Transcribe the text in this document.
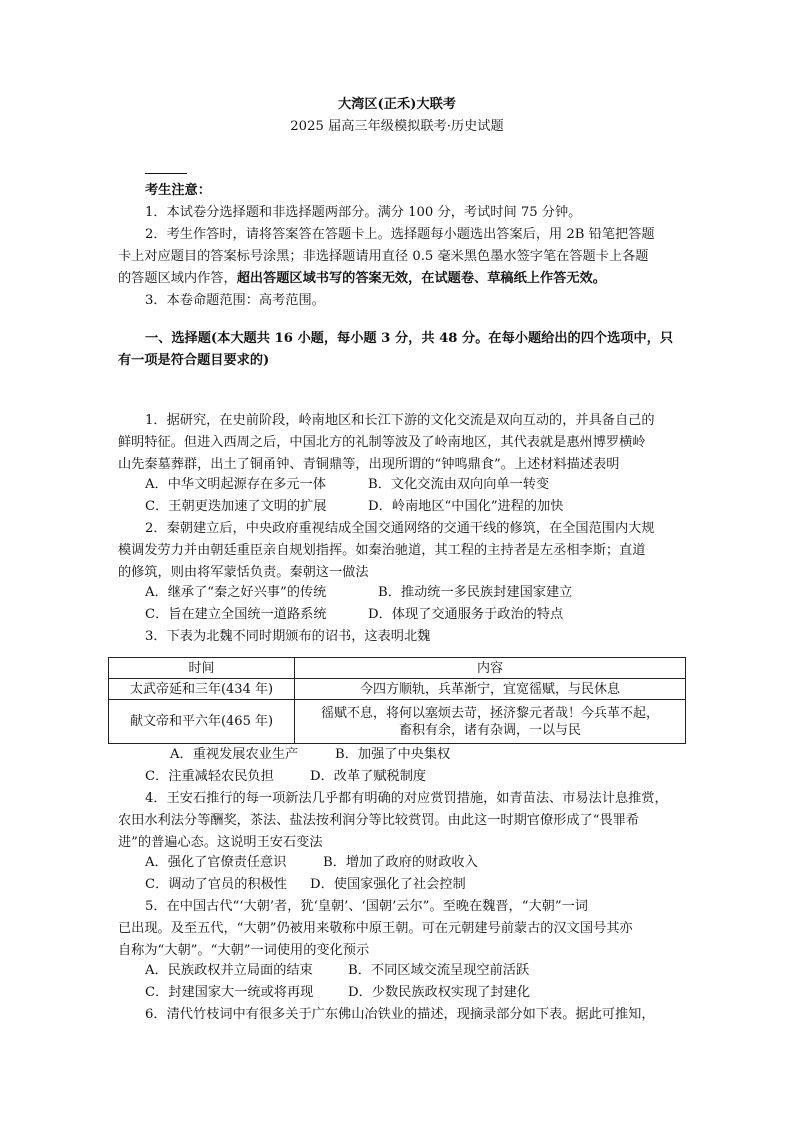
大湾区(正禾)大联考
2025 届高三年级模拟联考·历史试题
考生注意：
1．本试卷分选择题和非选择题两部分。满分 100 分，考试时间 75 分钟。
2．考生作答时，请将答案答在答题卡上。选择题每小题选出答案后，用 2B 铅笔把答题
卡上对应题目的答案标号涂黑；非选择题请用直径 0.5 毫米黑色墨水签字笔在答题卡上各题
的答题区域内作答，超出答题区域书写的答案无效，在试题卷、草稿纸上作答无效。
3．本卷命题范围：高考范围。
一、选择题(本大题共 16 小题，每小题 3 分，共 48 分。在每小题给出的四个选项中，只
有一项是符合题目要求的)
1．据研究，在史前阶段，岭南地区和长江下游的文化交流是双向互动的，并具备自己的
鲜明特征。但进入西周之后，中国北方的礼制等波及了岭南地区，其代表就是惠州博罗横岭
山先秦墓葬群，出土了铜甬钟、青铜鼎等，出现所谓的“钟鸣鼎食”。上述材料描述表明
A．中华文明起源存在多元一体	B．文化交流由双向向单一转变
C．王朝更迭加速了文明的扩展	D．岭南地区“中国化”进程的加快
2．秦朝建立后，中央政府重视结成全国交通网络的交通干线的修筑，在全国范围内大规
模调发劳力并由朝廷重臣亲自规划指挥。如秦治驰道，其工程的主持者是左丞相李斯；直道
的修筑，则由将军蒙恬负责。秦朝这一做法
A．继承了“秦之好兴事”的传统	B．推动统一多民族封建国家建立
C．旨在建立全国统一道路系统	D．体现了交通服务于政治的特点
3．下表为北魏不同时期颁布的诏书，这表明北魏
时间	内容
太武帝延和三年(434 年)	今四方顺轨，兵革渐宁，宜宽徭赋，与民休息
献文帝和平六年(465 年)	徭赋不息，将何以塞烦去苛，拯济黎元者哉！今兵革不起，
畜积有余，诸有杂调，一以与民
A．重视发展农业生产	B．加强了中央集权
C．注重减轻农民负担	D．改革了赋税制度
4．王安石推行的每一项新法几乎都有明确的对应赏罚措施，如青苗法、市易法计息推赏，
农田水利法分等酬奖，茶法、盐法按利润分等比较赏罚。由此这一时期官僚形成了“畏罪希
进”的普遍心态。这说明王安石变法
A．强化了官僚责任意识	B．增加了政府的财政收入
C．调动了官员的积极性 D．使国家强化了社会控制
5．在中国古代“‘大朝’者，犹‘皇朝’、‘国朝’云尔”。至晚在魏晋，“大朝”一词
已出现。及至五代，“大朝”仍被用来敬称中原王朝。可在元朝建号前蒙古的汉文国号其亦
自称为“大朝”。“大朝”一词使用的变化预示
A．民族政权并立局面的结束	B．不同区域交流呈现空前活跃
C．封建国家大一统或将再现	D．少数民族政权实现了封建化
6．清代竹枝词中有很多关于广东佛山冶铁业的描述，现摘录部分如下表。据此可推知，
